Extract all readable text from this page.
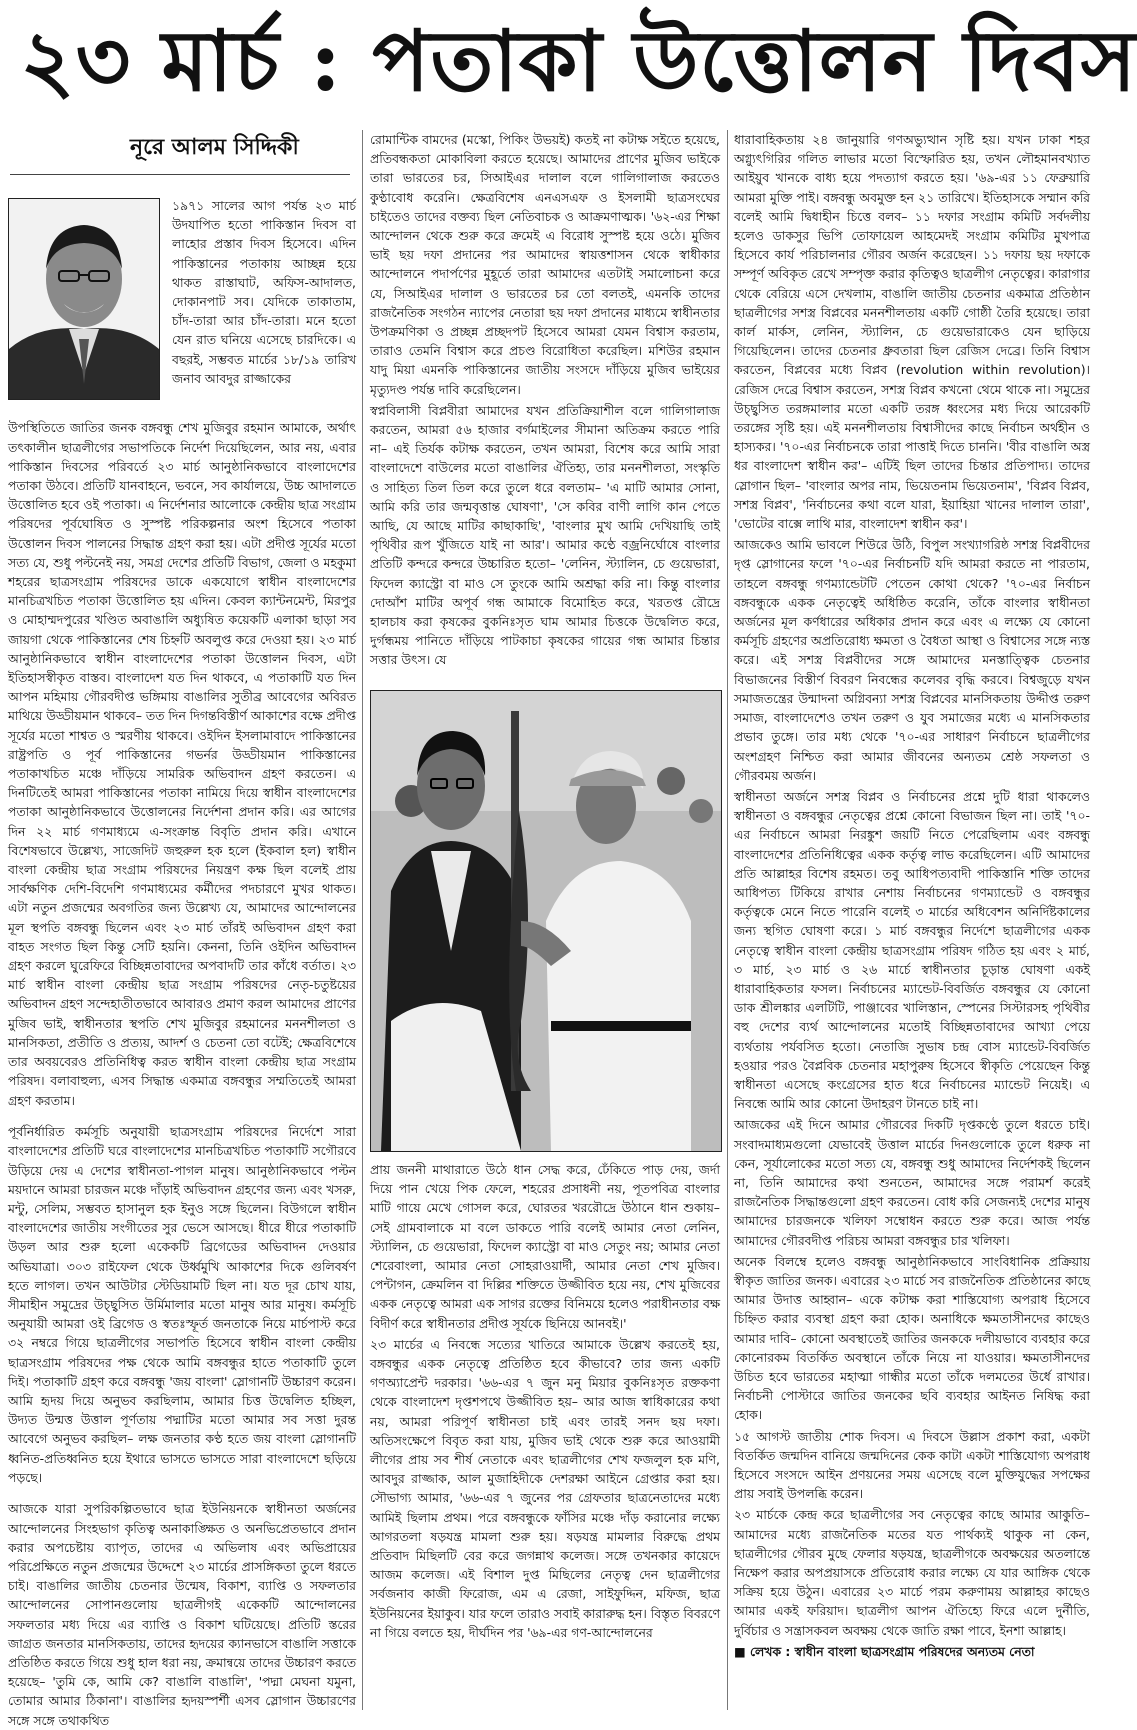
২৩ মার্চ : পতাকা উত্তোলন দিবস
নূরে আলম সিদ্দিকী
১৯৭১ সালের আগ পর্যন্ত ২৩ মার্চ উদযাপিত হতো পাকিস্তান দিবস বা লাহোর প্রস্তাব দিবস হিসেবে। এদিন পাকিস্তানের পতাকায় আচ্ছন্ন হয়ে থাকত রাস্তাঘাট, অফিস-আদালত, দোকানপাট সব। যেদিকে তাকাতাম, চাঁদ-তারা আর চাঁদ-তারা। মনে হতো যেন রাত ঘনিয়ে এসেছে চারদিকে। এ বছরই, সম্ভবত মার্চের ১৮/১৯ তারিখ জনাব আবদুর রাজ্জাকের

উপস্থিতিতে জাতির জনক বঙ্গবন্ধু শেখ মুজিবুর রহমান আমাকে, অর্থাৎ তৎকালীন ছাত্রলীগের সভাপতিকে নির্দেশ দিয়েছিলেন, আর নয়, এবার পাকিস্তান দিবসের পরিবর্তে ২৩ মার্চ আনুষ্ঠানিকভাবে বাংলাদেশের পতাকা উঠবে। প্রতিটি যানবাহনে, ভবনে, সব কার্যালয়ে, উচ্চ আদালতে উত্তোলিত হবে ওই পতাকা। এ নির্দেশনার আলোকে কেন্দ্রীয় ছাত্র সংগ্রাম পরিষদের পূর্বঘোষিত ও সুস্পষ্ট পরিকল্পনার অংশ হিসেবে পতাকা উত্তোলন দিবস পালনের সিদ্ধান্ত গ্রহণ করা হয়। এটা প্রদীপ্ত সূর্যের মতো সত্য যে, শুধু পল্টনেই নয়, সমগ্র দেশের প্রতিটি বিভাগ, জেলা ও মহকুমা শহরের ছাত্রসংগ্রাম পরিষদের ডাকে একযোগে স্বাধীন বাংলাদেশের মানচিত্রখচিত পতাকা উত্তোলিত হয় এদিন। কেবল ক্যান্টনমেন্ট, মিরপুর ও মোহাম্মদপুরের খণ্ডিত অবাঙালি অধ্যুষিত কয়েকটি এলাকা ছাড়া সব জায়গা থেকে পাকিস্তানের শেষ চিহ্নটি অবলুপ্ত করে দেওয়া হয়। ২৩ মার্চ আনুষ্ঠানিকভাবে স্বাধীন বাংলাদেশের পতাকা উত্তোলন দিবস, এটা ইতিহাসস্বীকৃত বাস্তব। বাংলাদেশ যত দিন থাকবে, এ পতাকাটি যত দিন আপন মহিমায় গৌরবদীপ্ত ভঙ্গিমায় বাঙালির সুতীব্র আবেগের অবিরত মাথিয়ে উড্ডীয়মান থাকবে– তত দিন দিগন্তবিস্তীর্ণ আকাশের বক্ষে প্রদীপ্ত সূর্যের মতো শাশ্বত ও স্মরণীয় থাকবে। ওইদিন ইসলামাবাদে পাকিস্তানের রাষ্ট্রপতি ও পূর্ব পাকিস্তানের গভর্নর উড্ডীয়মান পাকিস্তানের পতাকাখচিত মঞ্চে দাঁড়িয়ে সামরিক অভিবাদন গ্রহণ করতেন। এ দিনটিতেই আমরা পাকিস্তানের পতাকা নামিয়ে দিয়ে স্বাধীন বাংলাদেশের পতাকা আনুষ্ঠানিকভাবে উত্তোলনের নির্দেশনা প্রদান করি। এর আগের দিন ২২ মার্চ গণমাধ্যমে এ-সংক্রান্ত বিবৃতি প্রদান করি। এখানে বিশেষভাবে উল্লেখ্য, সাজেদিট জহুরুল হক হলে (ইকবাল হল) স্বাধীন বাংলা কেন্দ্রীয় ছাত্র সংগ্রাম পরিষদের নিয়ন্ত্রণ কক্ষ ছিল বলেই প্রায় সার্বক্ষণিক দেশি-বিদেশি গণমাধ্যমের কর্মীদের পদচারণে মুখর থাকত। এটা নতুন প্রজন্মের অবগতির জন্য উল্লেখ্য যে, আমাদের আন্দোলনের মূল স্থপতি বঙ্গবন্ধু ছিলেন এবং ২৩ মার্চ তাঁরই অভিবাদন গ্রহণ করা বাহত সংগত ছিল কিন্তু সেটি হয়নি। কেননা, তিনি ওইদিন অভিবাদন গ্রহণ করলে ঘুরেফিরে বিচ্ছিন্নতাবাদের অপবাদটি তার কাঁধে বর্তাত। ২৩ মার্চ স্বাধীন বাংলা কেন্দ্রীয় ছাত্র সংগ্রাম পরিষদের নেতৃ-চতুষ্টয়ের অভিবাদন গ্রহণ সন্দেহাতীতভাবে আবারও প্রমাণ করল আমাদের প্রাণের মুজিব ভাই, স্বাধীনতার স্থপতি শেখ মুজিবুর রহমানের মননশীলতা ও মানসিকতা, প্রতীতি ও প্রত্যয়, আদর্শ ও চেতনা তো বটেই; ক্ষেত্রবিশেষে তার অবয়বেরও প্রতিনিধিত্ব করত স্বাধীন বাংলা কেন্দ্রীয় ছাত্র সংগ্রাম পরিষদ। বলাবাহুল্য, এসব সিদ্ধান্ত একমাত্র বঙ্গবন্ধুর সম্মতিতেই আমরা গ্রহণ করতাম।

পূর্বনির্ধারিত কর্মসূচি অনুযায়ী ছাত্রসংগ্রাম পরিষদের নির্দেশে সারা বাংলাদেশের প্রতিটি ঘরে বাংলাদেশের মানচিত্রখচিত পতাকাটি সগৌরবে উড়িয়ে দেয় এ দেশের স্বাধীনতা-পাগল মানুষ। আনুষ্ঠানিকভাবে পল্টন ময়দানে আমরা চারজন মঞ্চে দাঁড়াই অভিবাদন গ্রহণের জন্য এবং খসরু, মন্টু, সেলিম, সম্ভবত হাসানুল হক ইনুও সঙ্গে ছিলেন। বিউগলে স্বাধীন বাংলাদেশের জাতীয় সংগীতের সুর ভেসে আসছে। ধীরে ধীরে পতাকাটি উড়ল আর শুরু হলো একেকটি ব্রিগেডের অভিবাদন দেওয়ার অভিযাত্রা। ৩০৩ রাইফেল থেকে উর্ধ্বমুখি আকাশের দিকে গুলিবর্ষণ হতে লাগল। তখন আউটার স্টেডিয়ামটি ছিল না। যত দূর চোখ যায়, সীমাহীন সমুদ্রের উচ্ছ্বসিত উর্মিমালার মতো মানুষ আর মানুষ। কর্মসূচি অনুযায়ী আমরা ওই ব্রিগেড ও স্বতঃস্ফূর্ত জনতাকে নিয়ে মার্চপাস্ট করে ৩২ নম্বরে গিয়ে ছাত্রলীগের সভাপতি হিসেবে স্বাধীন বাংলা কেন্দ্রীয় ছাত্রসংগ্রাম পরিষদের পক্ষ থেকে আমি বঙ্গবন্ধুর হাতে পতাকাটি তুলে দিই। পতাকাটি গ্রহণ করে বঙ্গবন্ধু 'জয় বাংলা' স্লোগানটি উচ্চারণ করেন। আমি হৃদয় দিয়ে অনুভব করছিলাম, আমার চিত্ত উদ্বেলিত হচ্ছিল, উদ্যত উন্মত্ত উত্তাল পূর্ণতায় পদ্মাটির মতো আমার সব সত্তা দুরন্ত আবেগে অনুভব করছিল– লক্ষ জনতার কণ্ঠ হতে জয় বাংলা স্লোগানটি ধ্বনিত-প্রতিধ্বনিত হয়ে ইথারে ভাসতে ভাসতে সারা বাংলাদেশে ছড়িয়ে পড়ছে।

আজকে যারা সুপরিকল্পিতভাবে ছাত্র ইউনিয়নকে স্বাধীনতা অর্জনের আন্দোলনের সিংহভাগ কৃতিত্ব অনাকাঙ্ক্ষিত ও অনভিপ্রেতভাবে প্রদান করার অপচেষ্টায় ব্যাপৃত, তাদের এ অভিলাষ এবং অভিপ্রায়ের পরিপ্রেক্ষিতে নতুন প্রজন্মের উদ্দেশে ২৩ মার্চের প্রাসঙ্গিকতা তুলে ধরতে চাই। বাঙালির জাতীয় চেতনার উন্মেষ, বিকাশ, ব্যাপ্তি ও সফলতার আন্দোলনের সোপানগুলোয় ছাত্রলীগই একেকটি আন্দোলনের সফলতার মধ্য দিয়ে এর ব্যাপ্তি ও বিকাশ ঘটিয়েছে। প্রতিটি স্তরের জাগ্রত জনতার মানসিকতায়, তাদের হৃদয়ের ক্যানভাসে বাঙালি সত্তাকে প্রতিষ্ঠিত করতে গিয়ে শুধু হাল ধরা নয়, ক্রমান্বয়ে তাদের উচ্চারণ করতে হয়েছে– 'তুমি কে, আমি কে? বাঙালি বাঙালি', 'পদ্মা মেঘনা যমুনা, তোমার আমার ঠিকানা'। বাঙালির হৃদয়স্পর্শী এসব স্লোগান উচ্চারণের সঙ্গে সঙ্গে তথাকথিত

রোমান্টিক বামদের (মস্কো, পিকিং উভয়ই) কতই না কটাক্ষ সইতে হয়েছে, প্রতিবন্ধকতা মোকাবিলা করতে হয়েছে। আমাদের প্রাণের মুজিব ভাইকে তারা ভারতের চর, সিআইএর দালাল বলে গালিগালাজ করতেও কুণ্ঠাবোধ করেনি। ক্ষেত্রবিশেষ এনএসএফ ও ইসলামী ছাত্রসংঘের চাইতেও তাদের বক্তব্য ছিল নেতিবাচক ও আক্রমণাত্মক। '৬২-এর শিক্ষা আন্দোলন থেকে শুরু করে ক্রমেই এ বিরোধ সুস্পষ্ট হয়ে ওঠে। মুজিব ভাই ছয় দফা প্রদানের পর আমাদের স্বায়ত্তশাসন থেকে স্বাধীকার আন্দোলনে পদার্পণের মুহূর্তে তারা আমাদের এতটাই সমালোচনা করে যে, সিআইএর দালাল ও ভারতের চর তো বলতই, এমনকি তাদের রাজনৈতিক সংগঠন ন্যাপের নেতারা ছয় দফা প্রদানের মাধ্যমে স্বাধীনতার উপক্রমণিকা ও প্রচ্ছন্ন প্রচ্ছদপট হিসেবে আমরা যেমন বিশ্বাস করতাম, তারাও তেমনি বিশ্বাস করে প্রচণ্ড বিরোধিতা করেছিল। মশিউর রহমান যাদু মিয়া এমনকি পাকিস্তানের জাতীয় সংসদে দাঁড়িয়ে মুজিব ভাইয়ের মৃত্যুদণ্ড পর্যন্ত দাবি করেছিলেন।

স্বপ্নবিলাসী বিপ্লবীরা আমাদের যখন প্রতিক্রিয়াশীল বলে গালিগালাজ করতেন, আমরা ৫৬ হাজার বর্গমাইলের সীমানা অতিক্রম করতে পারি না– এই তির্যক কটাক্ষ করতেন, তখন আমরা, বিশেষ করে আমি সারা বাংলাদেশে বাউলের মতো বাঙালির ঐতিহ্য, তার মননশীলতা, সংস্কৃতি ও সাহিত্য তিল তিল করে তুলে ধরে বলতাম– 'এ মাটি আমার সোনা, আমি করি তার জন্মবৃত্তান্ত ঘোষণা', 'সে কবির বাণী লাগি কান পেতে আছি, যে আছে মাটির কাছাকাছি', 'বাংলার মুখ আমি দেখিয়াছি তাই পৃথিবীর রূপ খুঁজিতে যাই না আর'। আমার কণ্ঠে বজ্রনির্ঘোষে বাংলার প্রতিটি কন্দরে কন্দরে উচ্চারিত হতো– 'লেনিন, স্ট্যালিন, চে গুয়েভারা, ফিদেল ক্যাস্ট্রো বা মাও সে তুংকে আমি অশ্রদ্ধা করি না। কিন্তু বাংলার দোআঁশ মাটির অপূর্ব গন্ধ আমাকে বিমোহিত করে, খরতপ্ত রৌদ্রে হালচাষ করা কৃষকের বুকনিঃসৃত ঘাম আমার চিত্তকে উদ্বেলিত করে, দুর্গন্ধময় পানিতে দাঁড়িয়ে পাটকাচা কৃষকের গায়ের গন্ধ আমার চিন্তার সত্তার উৎস। যে

প্রায় জননী মাথারাতে উঠে ধান সেদ্ধ করে, ঢেঁকিতে পাড় দেয়, জর্দা দিয়ে পান খেয়ে পিক ফেলে, শহরের প্রসাধনী নয়, পূতপবিত্র বাংলার মাটি গায়ে মেখে গোসল করে, ঘোরতর খররৌদ্রে উঠানে ধান শুকায়– সেই গ্রামবালাকে মা বলে ডাকতে পারি বলেই আমার নেতা লেনিন, স্ট্যালিন, চে গুয়েভারা, ফিদেল ক্যাস্ট্রো বা মাও সেতুং নয়; আমার নেতা শেরেবাংলা, আমার নেতা সোহরাওয়ার্দী, আমার নেতা শেখ মুজিব। পেন্টাগন, ক্রেমলিন বা দিল্লির শক্তিতে উজ্জীবিত হয়ে নয়, শেখ মুজিবের একক নেতৃত্বে আমরা এক সাগর রক্তের বিনিময়ে হলেও পরাধীনতার বক্ষ বিদীর্ণ করে স্বাধীনতার প্রদীপ্ত সূর্যকে ছিনিয়ে আনবই।'

২৩ মার্চের এ নিবন্ধে সত্যের খাতিরে আমাকে উল্লেখ করতেই হয়, বঙ্গবন্ধুর একক নেতৃত্বে প্রতিষ্ঠিত হবে কীভাবে? তার জন্য একটি গণঅ্যাপ্রেন্ট দরকার। '৬৬-এর ৭ জুন মনু মিয়ার বুকনিঃসৃত রক্তকণা থেকে বাংলাদেশ দৃপ্তশপথে উজ্জীবিত হয়– আর আজ স্বাধিকারের কথা নয়, আমরা পরিপূর্ণ স্বাধীনতা চাই এবং তারই সনদ ছয় দফা। অতিসংক্ষেপে বিবৃত করা যায়, মুজিব ভাই থেকে শুরু করে আওয়ামী লীগের প্রায় সব শীর্ষ নেতাকে এবং ছাত্রলীগের শেখ ফজলুল হক মণি, আবদুর রাজ্জাক, আল মুজাহিদীকে দেশরক্ষা আইনে গ্রেপ্তার করা হয়। সৌভাগ্য আমার, '৬৬-এর ৭ জুনের পর গ্রেফতার ছাত্রনেতাদের মধ্যে আমিই ছিলাম প্রথম। পরে বঙ্গবন্ধুকে ফাঁসির মঞ্চে দাঁড় করানোর লক্ষ্যে আগরতলা ষড়যন্ত্র মামলা শুরু হয়। ষড়যন্ত্র মামলার বিরুদ্ধে প্রথম প্রতিবাদ মিছিলটি বের করে জগন্নাথ কলেজ। সঙ্গে তখনকার কায়েদে আজম কলেজ। এই বিশাল দুপ্ত মিছিলের নেতৃত্ব দেন ছাত্রলীগের সর্বজনাব কাজী ফিরোজ, এম এ রেজা, সাইফুদ্দিন, মফিজ, ছাত্র ইউনিয়নের ইয়াকুব। যার ফলে তারাও সবাই কারারুদ্ধ হন। বিস্তৃত বিবরণে না গিয়ে বলতে হয়, দীর্ঘদিন পর '৬৯-এর গণ-আন্দোলনের

ধারাবাহিকতায় ২৪ জানুয়ারি গণঅভ্যুত্থান সৃষ্টি হয়। যখন ঢাকা শহর অগ্ন্যুৎগিরির গলিত লাভার মতো বিস্ফোরিত হয়, তখন লৌহমানবখ্যাত আইয়ুব খানকে বাধ্য হয়ে পদত্যাগ করতে হয়। '৬৯-এর ১১ ফেব্রুয়ারি আমরা মুক্তি পাই। বঙ্গবন্ধু অবমুক্ত হন ২১ তারিখে। ইতিহাসকে সম্মান করি বলেই আমি দ্বিধাহীন চিত্তে বলব– ১১ দফার সংগ্রাম কমিটি সর্বদলীয় হলেও ডাকসুর ভিপি তোফায়েল আহমেদই সংগ্রাম কমিটির মুখপাত্র হিসেবে কার্য পরিচালনার গৌরব অর্জন করেছেন। ১১ দফায় ছয় দফাকে সম্পূর্ণ অবিকৃত রেখে সম্পৃক্ত করার কৃতিত্বও ছাত্রলীগ নেতৃত্বের। কারাগার থেকে বেরিয়ে এসে দেখলাম, বাঙালি জাতীয় চেতনার একমাত্র প্রতিষ্ঠান ছাত্রলীগের সশস্ত্র বিপ্লবের মননশীলতায় একটি গোষ্ঠী তৈরি হয়েছে। তারা কার্ল মার্কস, লেনিন, স্ট্যালিন, চে গুয়েভারাকেও যেন ছাড়িয়ে গিয়েছিলেন। তাদের চেতনার ধ্রুবতারা ছিল রেজিস দেব্রে। তিনি বিশ্বাস করতেন, বিপ্লবের মধ্যে বিপ্লব (revolution within revolution)। রেজিস দেব্রে বিশ্বাস করতেন, সশস্ত্র বিপ্লব কখনো থেমে থাকে না। সমুদ্রের উচ্ছ্বসিত তরঙ্গমালার মতো একটি তরঙ্গ ধ্বংসের মধ্য দিয়ে আরেকটি তরঙ্গের সৃষ্টি হয়। এই মননশীলতায় বিশ্বাসীদের কাছে নির্বাচন অর্থহীন ও হাস্যকর। '৭০-এর নির্বাচনকে তারা পাত্তাই দিতে চাননি। 'বীর বাঙালি অস্ত্র ধর বাংলাদেশ স্বাধীন কর'– এটিই ছিল তাদের চিন্তার প্রতিপাদ্য। তাদের স্লোগান ছিল– 'বাংলার অপর নাম, ভিয়েতনাম ভিয়েতনাম', 'বিপ্লব বিপ্লব, সশস্ত্র বিপ্লব', 'নির্বাচনের কথা বলে যারা, ইয়াহিয়া খানের দালাল তারা', 'ভোটের বাক্সে লাথি মার, বাংলাদেশ স্বাধীন কর'।

আজকেও আমি ভাবলে শিউরে উঠি, বিপুল সংখ্যাগরিষ্ঠ সশস্ত্র বিপ্লবীদের দৃপ্ত স্লোগানের ফলে '৭০-এর নির্বাচনটি যদি আমরা করতে না পারতাম, তাহলে বঙ্গবন্ধু গণম্যান্ডেটটি পেতেন কোথা থেকে? '৭০-এর নির্বাচন বঙ্গবন্ধুকে একক নেতৃত্বেই অধিষ্ঠিত করেনি, তাঁকে বাংলার স্বাধীনতা অর্জনের মূল কর্ণধারের অধিকার প্রদান করে এবং এ লক্ষ্যে যে কোনো কর্মসূচি গ্রহণের অপ্রতিরোধ্য ক্ষমতা ও বৈধতা আস্থা ও বিশ্বাসের সঙ্গে ন্যস্ত করে। এই সশস্ত্র বিপ্লবীদের সঙ্গে আমাদের মনস্তাত্ত্বিক চেতনার বিভাজনের বিস্তীর্ণ বিবরণ নিবন্ধের কলেবর বৃদ্ধি করবে। বিশ্বজুড়ে যখন সমাজতন্ত্রের উন্মাদনা অগ্নিবন্যা সশস্ত্র বিপ্লবের মানসিকতায় উদ্দীপ্ত তরুণ সমাজ, বাংলাদেশেও তখন তরুণ ও যুব সমাজের মধ্যে এ মানসিকতার প্রভাব তুঙ্গে। তার মধ্য থেকে '৭০-এর সাধারণ নির্বাচনে ছাত্রলীগের অংশগ্রহণ নিশ্চিত করা আমার জীবনের অন্যতম শ্রেষ্ঠ সফলতা ও গৌরবময় অর্জন।

স্বাধীনতা অর্জনে সশস্ত্র বিপ্লব ও নির্বাচনের প্রশ্নে দুটি ধারা থাকলেও স্বাধীনতা ও বঙ্গবন্ধুর নেতৃত্বের প্রশ্নে কোনো বিভাজন ছিল না। তাই '৭০-এর নির্বাচনে আমরা নিরঙ্কুশ জয়টি নিতে পেরেছিলাম এবং বঙ্গবন্ধু বাংলাদেশের প্রতিনিধিত্বের একক কর্তৃত্ব লাভ করেছিলেন। এটি আমাদের প্রতি আল্লাহর বিশেষ রহমত। তবু আধিপত্যবাদী পাকিস্তানি শক্তি তাদের আধিপত্য টিকিয়ে রাখার নেশায় নির্বাচনের গণম্যান্ডেট ও বঙ্গবন্ধুর কর্তৃত্বকে মেনে নিতে পারেনি বলেই ৩ মার্চের অধিবেশন অনির্দিষ্টকালের জন্য স্থগিত ঘোষণা করে। ১ মার্চ বঙ্গবন্ধুর নির্দেশে ছাত্রলীগের একক নেতৃত্বে স্বাধীন বাংলা কেন্দ্রীয় ছাত্রসংগ্রাম পরিষদ গঠিত হয় এবং ২ মার্চ, ৩ মার্চ, ২৩ মার্চ ও ২৬ মার্চে স্বাধীনতার চূড়ান্ত ঘোষণা একই ধারাবাহিকতার ফসল। নির্বাচনের ম্যান্ডেট-বিবর্জিত বঙ্গবন্ধুর যে কোনো ডাক শ্রীলঙ্কার এলটিটি, পাঞ্জাবের খালিস্তান, স্পেনের সিস্টারসহ পৃথিবীর বহু দেশের ব্যর্থ আন্দোলনের মতোই বিচ্ছিন্নতাবাদের আখ্যা পেয়ে ব্যর্থতায় পর্যবসিত হতো। নেতাজি সুভাষ চন্দ্র বোস ম্যান্ডেট-বিবর্জিত হওয়ার পরও বৈপ্লবিক চেতনার মহাপুরুষ হিসেবে স্বীকৃতি পেয়েছেন কিন্তু স্বাধীনতা এসেছে কংগ্রেসের হাত ধরে নির্বাচনের ম্যান্ডেট নিয়েই। এ নিবন্ধে আমি আর কোনো উদাহরণ টানতে চাই না।

আজকের এই দিনে আমার গৌরবের দিকটি দৃপ্তকণ্ঠে তুলে ধরতে চাই। সংবাদমাধ্যমগুলো যেভাবেই উত্তাল মার্চের দিনগুলোকে তুলে ধরুক না কেন, সূর্যালোকের মতো সত্য যে, বঙ্গবন্ধু শুধু আমাদের নির্দেশকই ছিলেন না, তিনি আমাদের কথা শুনতেন, আমাদের সঙ্গে পরামর্শ করেই রাজনৈতিক সিদ্ধান্তগুলো গ্রহণ করতেন। বোধ করি সেজন্যই দেশের মানুষ আমাদের চারজনকে খলিফা সম্বোধন করতে শুরু করে। আজ পর্যন্ত আমাদের গৌরবদীপ্ত পরিচয় আমরা বঙ্গবন্ধুর চার খলিফা।

অনেক বিলম্বে হলেও বঙ্গবন্ধু আনুষ্ঠানিকভাবে সাংবিধানিক প্রক্রিয়ায় স্বীকৃত জাতির জনক। এবারের ২৩ মার্চে সব রাজনৈতিক প্রতিষ্ঠানের কাছে আমার উদাত্ত আহ্বান– একে কটাক্ষ করা শাস্তিযোগ্য অপরাধ হিসেবে চিহ্নিত করার ব্যবস্থা গ্রহণ করা হোক। অনাধিকে ক্ষমতাসীনদের কাছেও আমার দাবি– কোনো অবস্থাতেই জাতির জনককে দলীয়ভাবে ব্যবহার করে কোনোরকম বিতর্কিত অবস্থানে তাঁকে নিয়ে না যাওয়ার। ক্ষমতাসীনদের উচিত হবে ভারতের মহাত্মা গান্ধীর মতো তাঁকে দলমতের উর্ধে রাখার। নির্বাচনী পোস্টারে জাতির জনকের ছবি ব্যবহার আইনত নিষিদ্ধ করা হোক।

১৫ আগস্ট জাতীয় শোক দিবস। এ দিবসে উল্লাস প্রকাশ করা, একটা বিতর্কিত জন্মদিন বানিয়ে জন্মদিনের কেক কাটা একটা শাস্তিযোগ্য অপরাধ হিসেবে সংসদে আইন প্রণয়নের সময় এসেছে বলে মুক্তিযুদ্ধের সপক্ষের প্রায় সবাই উপলব্ধি করেন।

২৩ মার্চকে কেন্দ্র করে ছাত্রলীগের সব নেতৃত্বের কাছে আমার আকুতি– আমাদের মধ্যে রাজনৈতিক মতের যত পার্থক্যই থাকুক না কেন, ছাত্রলীগের গৌরব মুছে ফেলার ষড়যন্ত্র, ছাত্রলীগকে অবক্ষয়ের অতলান্তে নিক্ষেপ করার অপপ্রয়াসকে প্রতিরোধ করার লক্ষ্যে যে যার আঙ্গিক থেকে সক্রিয় হয়ে উঠুন। এবারের ২৩ মার্চে পরম করুণাময় আল্লাহর কাছেও আমার একই ফরিয়াদ। ছাত্রলীগ আপন ঐতিহ্যে ফিরে এলে দুর্নীতি, দুর্বিচার ও সন্ত্রাসকবল অবক্ষয় থেকে জাতি রক্ষা পাবে, ইনশা আল্লাহ।

■ লেখক : স্বাধীন বাংলা ছাত্রসংগ্রাম পরিষদের অন্যতম নেতা
